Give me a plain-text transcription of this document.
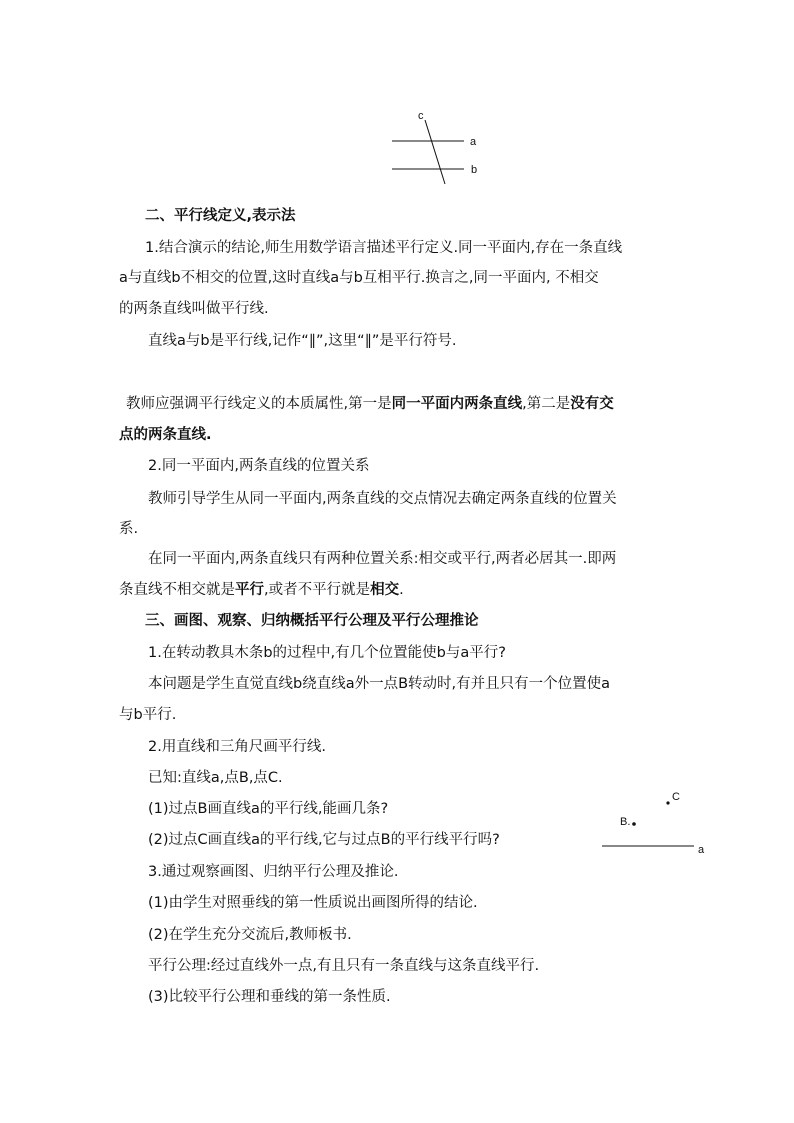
c
a
b
C
B.
a

二、平行线定义,表示法

1.结合演示的结论,师生用数学语言描述平行定义.同一平面内,存在一条直线

a与直线b不相交的位置,这时直线a与b互相平行.换言之,同一平面内, 不相交

的两条直线叫做平行线.

直线a与b是平行线,记作“∥”,这里“∥”是平行符号.

教师应强调平行线定义的本质属性,第一是同一平面内两条直线,第二是没有交

点的两条直线.

2.同一平面内,两条直线的位置关系

教师引导学生从同一平面内,两条直线的交点情况去确定两条直线的位置关

系.

在同一平面内,两条直线只有两种位置关系:相交或平行,两者必居其一.即两

条直线不相交就是平行,或者不平行就是相交.

三、画图、观察、归纳概括平行公理及平行公理推论

1.在转动教具木条b的过程中,有几个位置能使b与a平行?

本问题是学生直觉直线b绕直线a外一点B转动时,有并且只有一个位置使a

与b平行.

2.用直线和三角尺画平行线.

已知:直线a,点B,点C.

(1)过点B画直线a的平行线,能画几条?

(2)过点C画直线a的平行线,它与过点B的平行线平行吗?

3.通过观察画图、归纳平行公理及推论.

(1)由学生对照垂线的第一性质说出画图所得的结论.

(2)在学生充分交流后,教师板书.

平行公理:经过直线外一点,有且只有一条直线与这条直线平行.

(3)比较平行公理和垂线的第一条性质.
